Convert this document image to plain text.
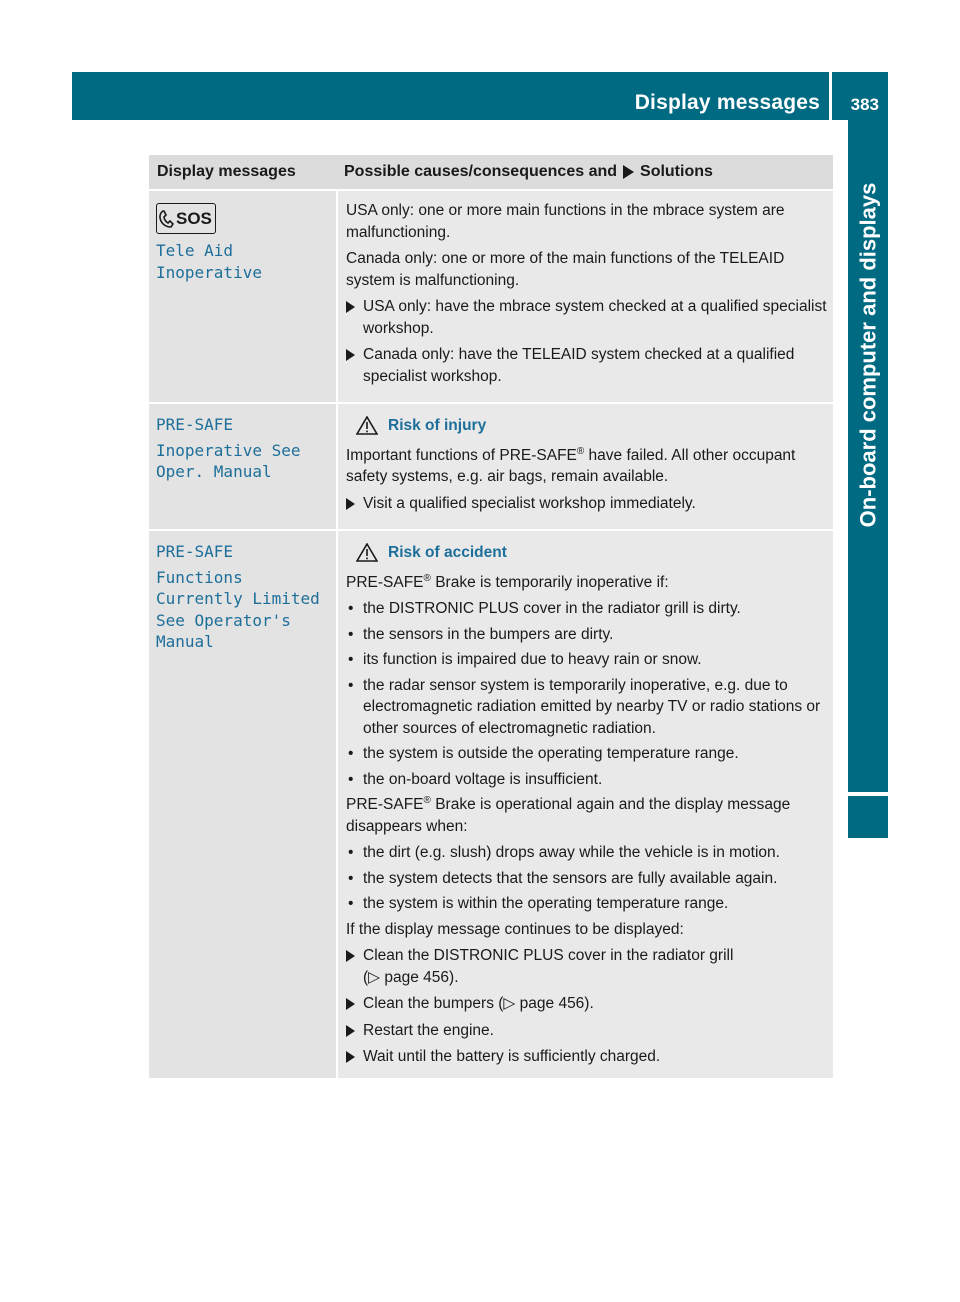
Display messages 383
On-board computer and displays
Display messages	Possible causes/consequences and Solutions
SOS
Tele Aid
Inoperative

USA only: one or more main functions in the mbrace system are malfunctioning.

Canada only: one or more of the main functions of the TELEAID system is malfunctioning.

USA only: have the mbrace system checked at a qualified specialist workshop.
Canada only: have the TELEAID system checked at a qualified specialist workshop.
PRE-SAFE
Inoperative See
Oper. Manual
Risk of injury

Important functions of PRE-SAFE® have failed. All other occupant safety systems, e.g. air bags, remain available.

Visit a qualified specialist workshop immediately.
PRE-SAFE
Functions
Currently Limited
See Operator's
Manual
Risk of accident

PRE-SAFE® Brake is temporarily inoperative if:

• the DISTRONIC PLUS cover in the radiator grill is dirty.
• the sensors in the bumpers are dirty.
• its function is impaired due to heavy rain or snow.
• the radar sensor system is temporarily inoperative, e.g. due to electromagnetic radiation emitted by nearby TV or radio stations or other sources of electromagnetic radiation.
• the system is outside the operating temperature range.
• the on-board voltage is insufficient.

PRE-SAFE® Brake is operational again and the display message disappears when:

• the dirt (e.g. slush) drops away while the vehicle is in motion.
• the system detects that the sensors are fully available again.
• the system is within the operating temperature range.

If the display message continues to be displayed:

Clean the DISTRONIC PLUS cover in the radiator grill
(▷ page 456).
Clean the bumpers (▷ page 456).
Restart the engine.
Wait until the battery is sufficiently charged.
